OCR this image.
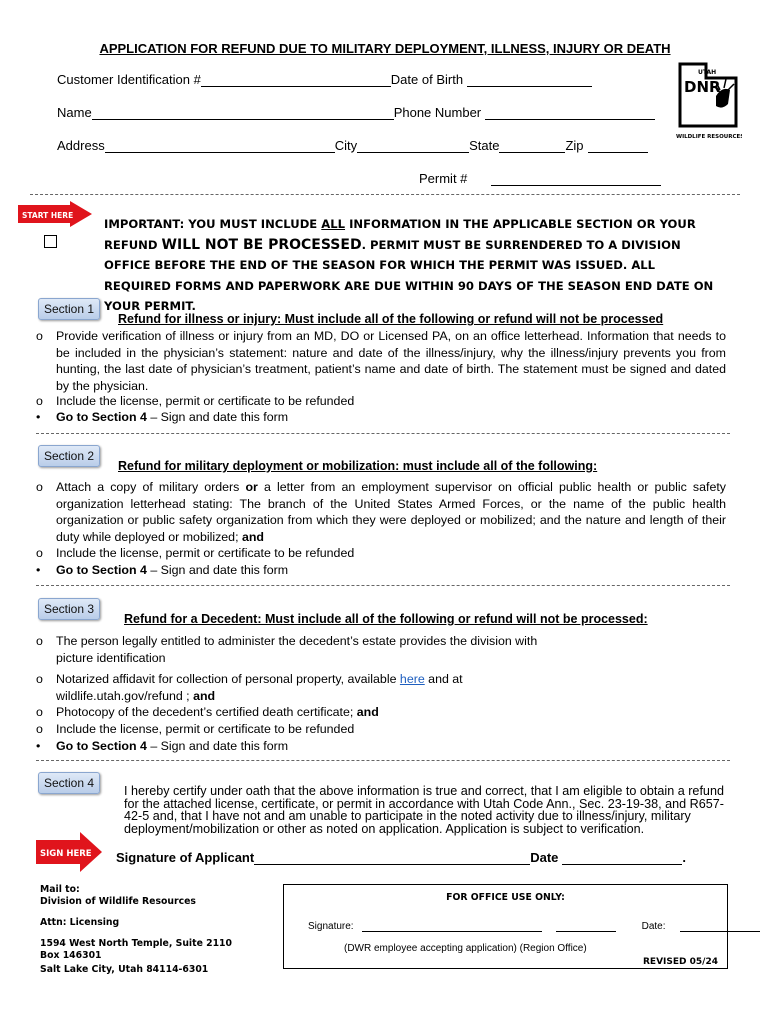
APPLICATION FOR REFUND DUE TO MILITARY DEPLOYMENT, ILLNESS, INJURY OR DEATH
UTAH
DNR
WILDLIFE RESOURCES
Customer Identification #	Date of Birth
Name	Phone Number
Address	City	State	Zip
Permit #
START HERE
IMPORTANT: YOU MUST INCLUDE ALL INFORMATION IN THE APPLICABLE SECTION OR YOUR REFUND WILL NOT BE PROCESSED. PERMIT MUST BE SURRENDERED TO A DIVISION OFFICE BEFORE THE END OF THE SEASON FOR WHICH THE PERMIT WAS ISSUED. ALL REQUIRED FORMS AND PAPERWORK ARE DUE WITHIN 90 DAYS OF THE SEASON END DATE ON YOUR PERMIT.
Section 1
Refund for illness or injury: Must include all of the following or refund will not be processed
o	Provide verification of illness or injury from an MD, DO or Licensed PA, on an office letterhead. Information that needs to be included in the physician’s statement: nature and date of the illness/injury, why the illness/injury prevents you from hunting, the last date of physician’s treatment, patient’s name and date of birth. The statement must be signed and dated by the physician.
o	Include the license, permit or certificate to be refunded
•	Go to Section 4 – Sign and date this form
Section 2
Refund for military deployment or mobilization: must include all of the following:
o	Attach a copy of military orders or a letter from an employment supervisor on official public health or public safety organization letterhead stating: The branch of the United States Armed Forces, or the name of the public health organization or public safety organization from which they were deployed or mobilized; and the nature and length of their duty while deployed or mobilized; and
o	Include the license, permit or certificate to be refunded
•	Go to Section 4 – Sign and date this form
Section 3
Refund for a Decedent: Must include all of the following or refund will not be processed:
o	The person legally entitled to administer the decedent’s estate provides the division with
picture identification
o	Notarized affidavit for collection of personal property, available here and at
wildlife.utah.gov/refund ; and
o	Photocopy of the decedent’s certified death certificate; and
o	Include the license, permit or certificate to be refunded
•	Go to Section 4 – Sign and date this form
Section 4
I hereby certify under oath that the above information is true and correct, that I am eligible to obtain a refund for the attached license, certificate, or permit in accordance with Utah Code Ann., Sec. 23-19-38, and R657-42-5 and, that I have not and am unable to participate in the noted activity due to illness/injury, military deployment/mobilization or other as noted on application. Application is subject to verification.
SIGN HERE Signature of Applicant	Date	.
Mail to:
Division of Wildlife Resources
Attn: Licensing
1594 West North Temple, Suite 2110
Box 146301
Salt Lake City, Utah 84114-6301
FOR OFFICE USE ONLY:
Signature:	Date:
(DWR employee accepting application) (Region Office)
REVISED 05/24
